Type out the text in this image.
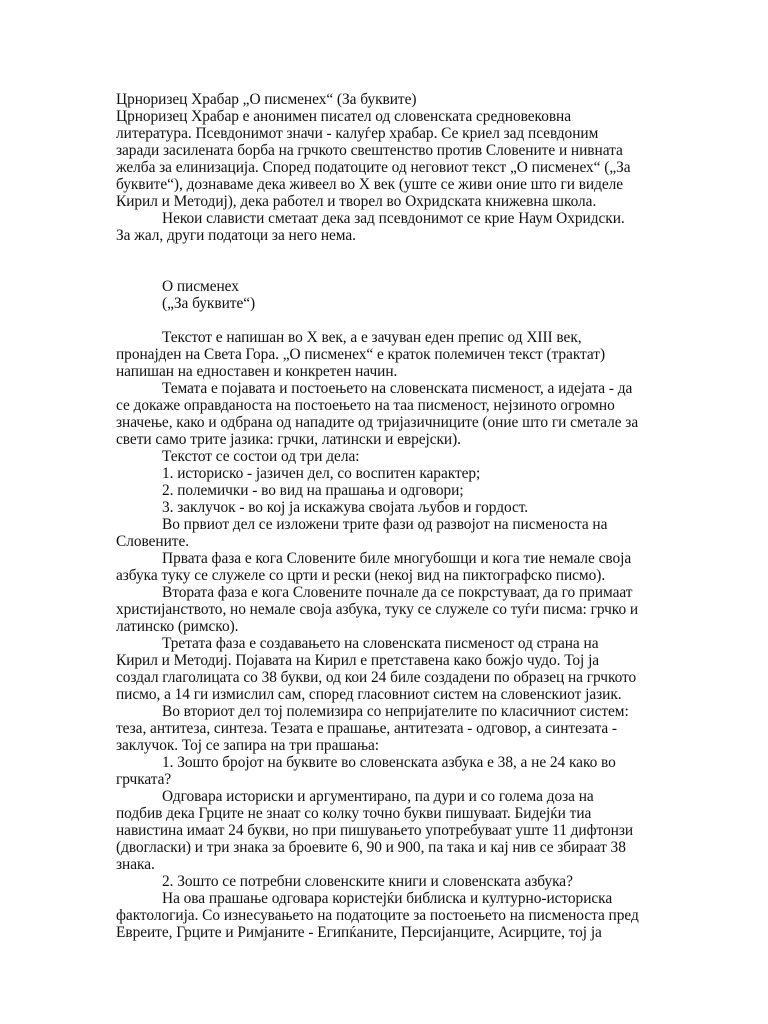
Црноризец Храбар „О писменех“ (За буквите)
Црноризец Храбар е анонимен писател од словенската средновековна
литература. Псевдонимот значи - калуѓер храбар. Се криел зад псевдоним
заради засилената борба на грчкото свештенство против Словените и нивната
желба за елинизација. Според податоците од неговиот текст „О писменех“ („За
буквите“), дознаваме дека живеел во X век (уште се живи оние што ги виделе
Кирил и Методиј), дека работел и творел во Охридската книжевна школа.
Некои слависти сметаат дека зад псевдонимот се крие Наум Охридски.
За жал, други податоци за него нема.
О писменех
(„За буквите“)
Текстот е напишан во X век, а е зачуван еден препис од XIII век,
пронајден на Света Гора. „О писменех“ е краток полемичен текст (трактат)
напишан на едноставен и конкретен начин.
Темата е појавата и постоењето на словенската писменост, а идејата - да
се докаже оправданоста на постоењето на таа писменост, нејзиното огромно
значење, како и одбрана од нападите од тријазичниците (оние што ги сметале за
свети само трите јазика: грчки, латински и еврејски).
Текстот се состои од три дела:
1. историско - јазичен дел, со воспитен карактер;
2. полемички - во вид на прашања и одговори;
3. заклучок - во кој ја искажува својата љубов и гордост.
Во првиот дел се изложени трите фази од развојот на писменоста на
Словените.
Првата фаза е кога Словените биле многубошци и кога тие немале своја
азбука туку се служеле со црти и рески (некој вид на пиктографско писмо).
Втората фаза е кога Словените почнале да се покрстуваат, да го примаат
христијанството, но немале своја азбука, туку се служеле со туѓи писма: грчко и
латинско (римско).
Третата фаза е создавањето на словенската писменост од страна на
Кирил и Методиј. Појавата на Кирил е претставена како божјо чудо. Тој ја
создал глаголицата со 38 букви, од кои 24 биле создадени по образец на грчкото
писмо, а 14 ги измислил сам, според гласовниот систем на словенскиот јазик.
Во вториот дел тој полемизира со непријателите по класичниот систем:
теза, антитеза, синтеза. Тезата е прашање, антитезата - одговор, а синтезата -
заклучок. Тој се запира на три прашања:
1. Зошто бројот на буквите во словенската азбука е 38, а не 24 како во
грчката?
Одговара историски и аргументирано, па дури и со голема доза на
подбив дека Грците не знаат со колку точно букви пишуваат. Бидејќи тиа
навистина имаат 24 букви, но при пишувањето употребуваат уште 11 дифтонзи
(двогласки) и три знака за броевите 6, 90 и 900, па така и кај нив се збираат 38
знака.
2. Зошто се потребни словенските книги и словенската азбука?
На ова прашање одговара користејќи библиска и културно-историска
фактологија. Со изнесувањето на податоците за постоењето на писменоста пред
Евреите, Грците и Римјаните - Египќаните, Персијанците, Асирците, тој ја
